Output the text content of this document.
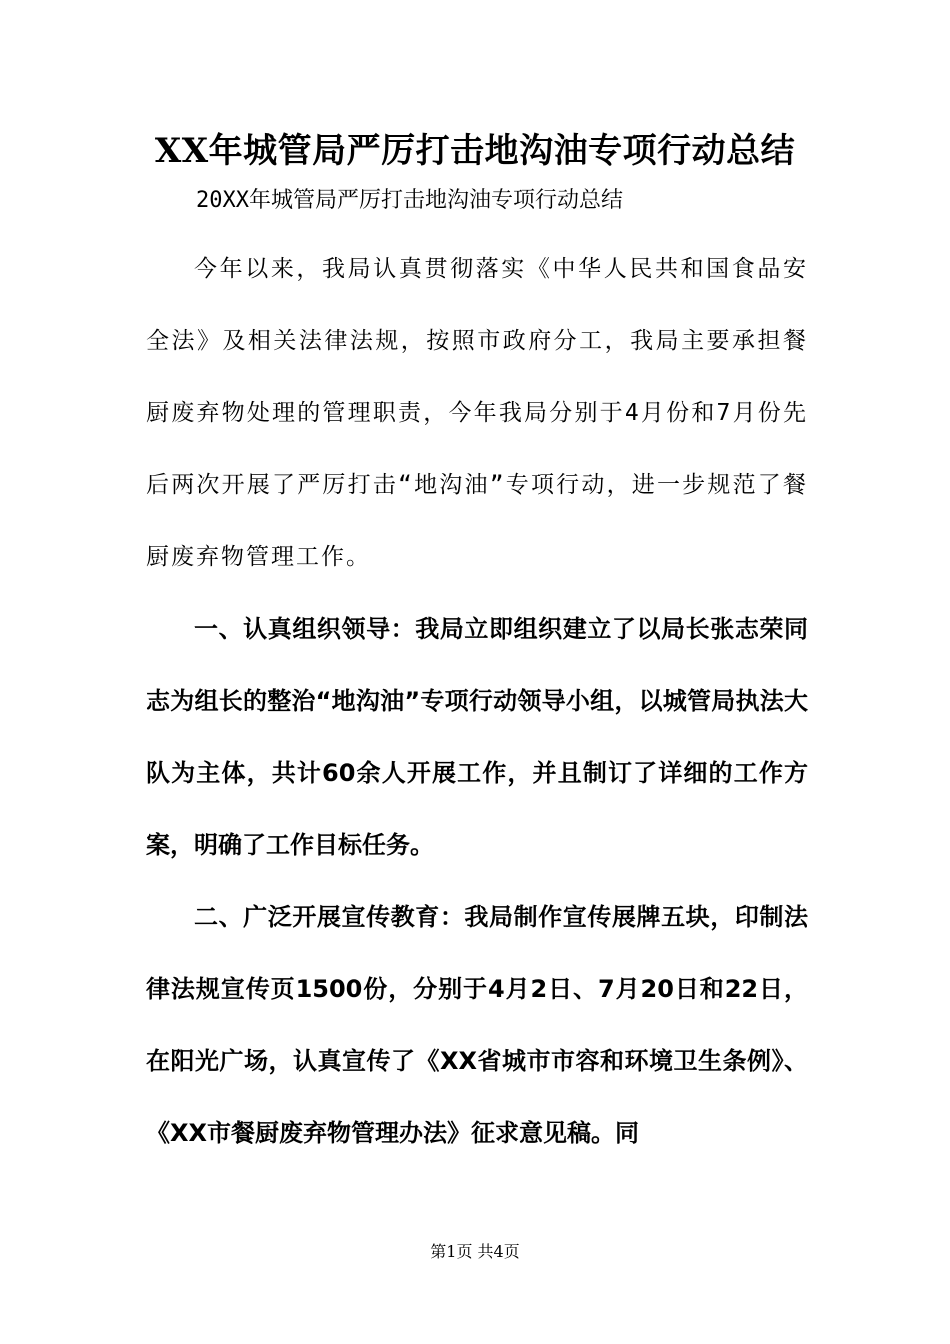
XX年城管局严厉打击地沟油专项行动总结
20XX年城管局严厉打击地沟油专项行动总结

今年以来，我局认真贯彻落实《中华人民共和国食品安全法》及相关法律法规，按照市政府分工，我局主要承担餐厨废弃物处理的管理职责，今年我局分别于4月份和7月份先后两次开展了严厉打击“地沟油”专项行动，进一步规范了餐厨废弃物管理工作。

一、认真组织领导：我局立即组织建立了以局长张志荣同志为组长的整治“地沟油”专项行动领导小组，以城管局执法大队为主体，共计60余人开展工作，并且制订了详细的工作方案，明确了工作目标任务。

二、广泛开展宣传教育：我局制作宣传展牌五块，印制法律法规宣传页1500份，分别于4月2日、7月20日和22日，在阳光广场，认真宣传了《XX省城市市容和环境卫生条例》、《XX市餐厨废弃物管理办法》征求意见稿。同

第1页 共4页
